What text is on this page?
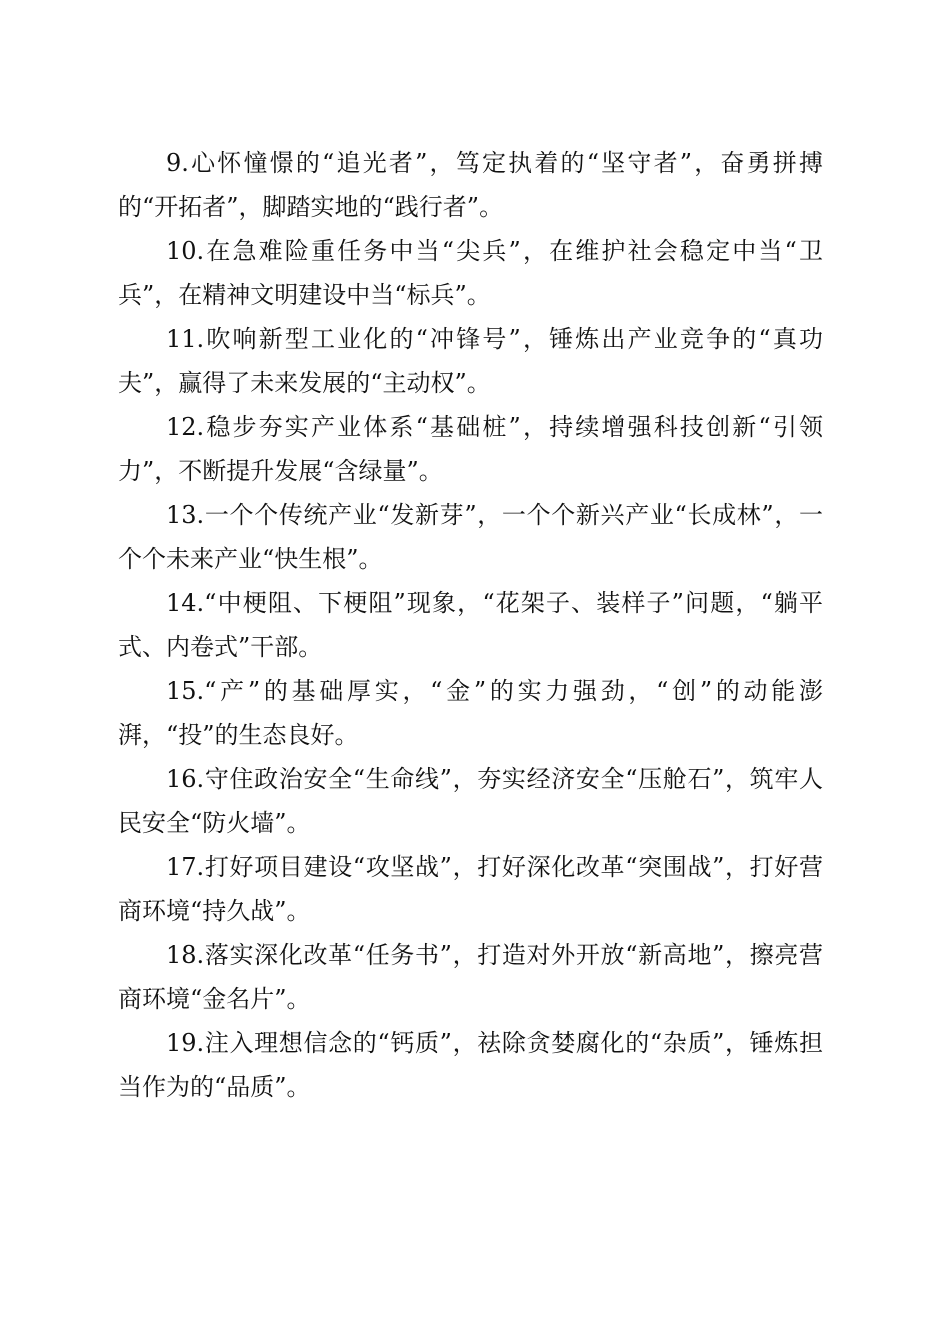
9.心怀憧憬的“追光者”，笃定执着的“坚守者”，奋勇拼搏的“开拓者”，脚踏实地的“践行者”。

10.在急难险重任务中当“尖兵”，在维护社会稳定中当“卫兵”，在精神文明建设中当“标兵”。

11.吹响新型工业化的“冲锋号”，锤炼出产业竞争的“真功夫”，赢得了未来发展的“主动权”。

12.稳步夯实产业体系“基础桩”，持续增强科技创新“引领力”，不断提升发展“含绿量”。

13.一个个传统产业“发新芽”，一个个新兴产业“长成林”，一个个未来产业“快生根”。

14.“中梗阻、下梗阻”现象，“花架子、装样子”问题，“躺平式、内卷式”干部。

15.“产”的基础厚实，“金”的实力强劲，“创”的动能澎湃，“投”的生态良好。

16.守住政治安全“生命线”，夯实经济安全“压舱石”，筑牢人民安全“防火墙”。

17.打好项目建设“攻坚战”，打好深化改革“突围战”，打好营商环境“持久战”。

18.落实深化改革“任务书”，打造对外开放“新高地”，擦亮营商环境“金名片”。

19.注入理想信念的“钙质”，祛除贪婪腐化的“杂质”，锤炼担当作为的“品质”。
